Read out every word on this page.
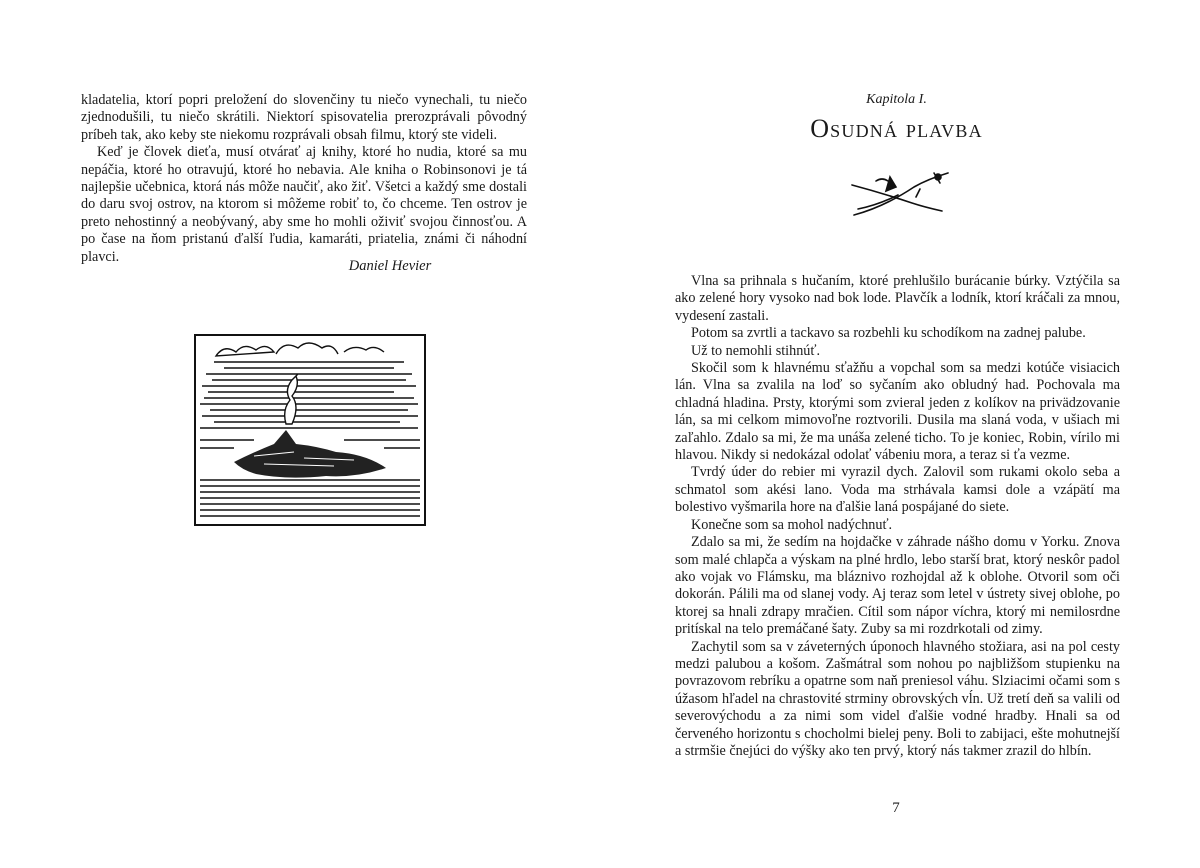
kladatelia, ktorí popri preložení do slovenčiny tu niečo vynechali, tu niečo zjednodušili, tu niečo skrátili. Niektorí spisovatelia prerozprávali pôvodný príbeh tak, ako keby ste niekomu rozprávali obsah filmu, ktorý ste videli.

Keď je človek dieťa, musí otvárať aj knihy, ktoré ho nudia, ktoré sa mu nepáčia, ktoré ho otravujú, ktoré ho nebavia. Ale kniha o Robinsonovi je tá najlepšie učebnica, ktorá nás môže naučiť, ako žiť. Všetci a každý sme dostali do daru svoj ostrov, na ktorom si môžeme robiť to, čo chceme. Ten ostrov je preto nehostinný a neobývaný, aby sme ho mohli oživiť svojou činnosťou. A po čase na ňom pristanú ďalší ľudia, kamaráti, priatelia, známi či náhodní plavci.

Daniel Hevier
Kapitola I.
Osudná plavba

Vlna sa prihnala s hučaním, ktoré prehlušilo burácanie búrky. Vztýčila sa ako zelené hory vysoko nad bok lode. Plavčík a lodník, ktorí kráčali za mnou, vydesení zastali.

Potom sa zvrtli a tackavo sa rozbehli ku schodíkom na zadnej palube.

Už to nemohli stihnúť.

Skočil som k hlavnému sťažňu a vopchal som sa medzi kotúče visiacich lán. Vlna sa zvalila na loď so syčaním ako obludný had. Pochovala ma chladná hladina. Prsty, ktorými som zvieral jeden z kolíkov na privädzovanie lán, sa mi celkom mimovoľne roztvorili. Dusila ma slaná voda, v ušiach mi zaľahlo. Zdalo sa mi, že ma unáša zelené ticho. To je koniec, Robin, vírilo mi hlavou. Nikdy si nedokázal odolať vábeniu mora, a teraz si ťa vezme.

Tvrdý úder do rebier mi vyrazil dych. Zalovil som rukami okolo seba a schmatol som akési lano. Voda ma strhávala kamsi dole a vzápätí ma bolestivo vyšmarila hore na ďalšie laná pospájané do siete.

Konečne som sa mohol nadýchnuť.

Zdalo sa mi, že sedím na hojdačke v záhrade nášho domu v Yorku. Znova som malé chlapča a výskam na plné hrdlo, lebo starší brat, ktorý neskôr padol ako vojak vo Flámsku, ma bláznivo rozhojdal až k oblohe. Otvoril som oči dokorán. Pálili ma od slanej vody. Aj teraz som letel v ústrety sivej oblohe, po ktorej sa hnali zdrapy mračien. Cítil som nápor víchra, ktorý mi nemilosrdne pritískal na telo premáčané šaty. Zuby sa mi rozdrkotali od zimy.

Zachytil som sa v záveterných úponoch hlavného stožiara, asi na pol cesty medzi palubou a košom. Zašmátral som nohou po najbližšom stupienku na povrazovom rebríku a opatrne som naň preniesol váhu. Slziacimi očami som s úžasom hľadel na chrastovité strminy obrovských vĺn. Už tretí deň sa valili od severovýchodu a za nimi som videl ďalšie vodné hradby. Hnali sa od červeného horizontu s chocholmi bielej peny. Boli to zabijaci, ešte mohutnejší a strmšie čnejúci do výšky ako ten prvý, ktorý nás takmer zrazil do hlbín.

7
